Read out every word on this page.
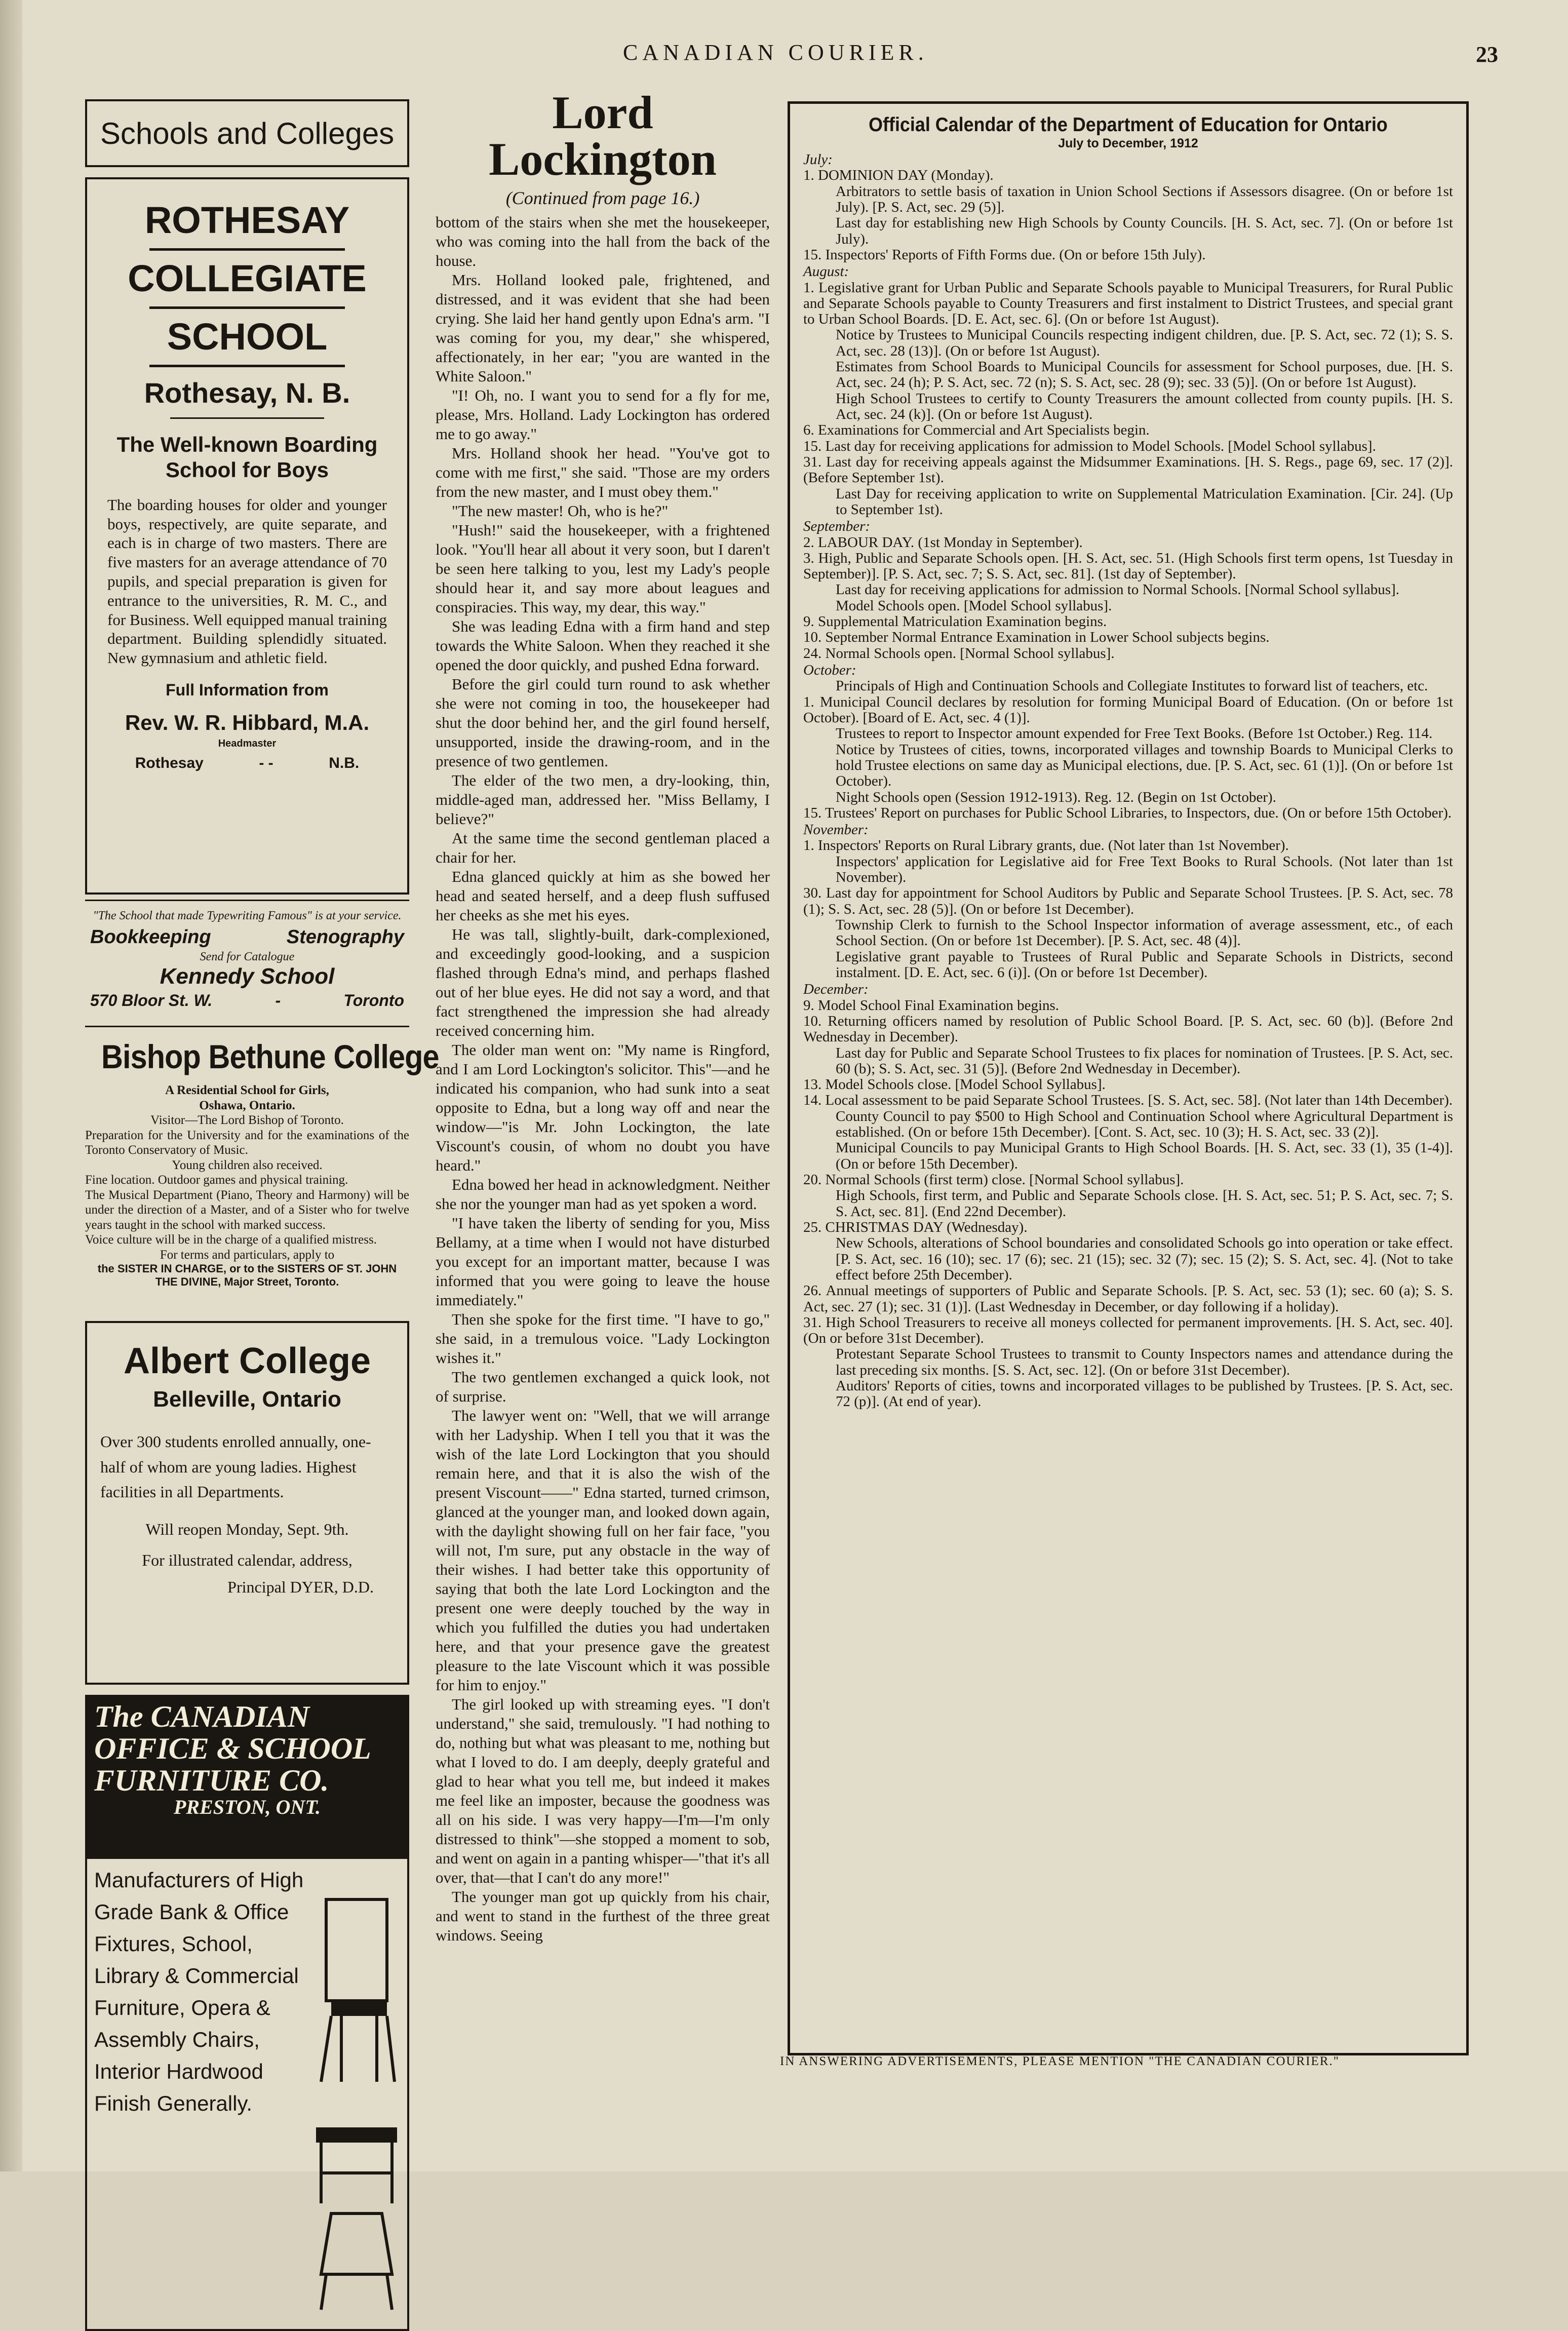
CANADIAN COURIER.	23
Schools and Colleges
ROTHESAY
COLLEGIATE
SCHOOL
Rothesay, N. B.
The Well-known Boarding School for Boys
The boarding houses for older and younger boys, respectively, are quite separate, and each is in charge of two masters. There are five masters for an average attendance of 70 pupils, and special preparation is given for entrance to the universities, R. M. C., and for Business. Well equipped manual training department. Building splendidly situated. New gymnasium and athletic field.
Full Information from
Rev. W. R. Hibbard, M.A.
Headmaster
Rothesay	- -	N.B.
"The School that made Typewriting Famous" is at your service.
Bookkeeping	Stenography
Send for Catalogue
Kennedy School
570 Bloor St. W.	-	Toronto
Bishop Bethune College
A Residential School for Girls,
Oshawa, Ontario.
Visitor—The Lord Bishop of Toronto.
Preparation for the University and for the examinations of the Toronto Conservatory of Music.
Young children also received.
Fine location. Outdoor games and physical training.
The Musical Department (Piano, Theory and Harmony) will be under the direction of a Master, and of a Sister who for twelve years taught in the school with marked success.
Voice culture will be in the charge of a qualified mistress.
For terms and particulars, apply to
the SISTER IN CHARGE, or to the SISTERS OF ST. JOHN THE DIVINE, Major Street, Toronto.
Albert College
Belleville, Ontario
Over 300 students enrolled annually, one-half of whom are young ladies. Highest facilities in all Departments.
Will reopen Monday, Sept. 9th.
For illustrated calendar, address,
Principal DYER, D.D.
The CANADIAN
OFFICE & SCHOOL
FURNITURE CO.
PRESTON, ONT.
Manufacturers of High Grade Bank & Office Fixtures, School, Library & Commercial Furniture, Opera & Assembly Chairs, Interior Hardwood Finish Generally.
Lord Lockington
(Continued from page 16.)

bottom of the stairs when she met the housekeeper, who was coming into the hall from the back of the house.

Mrs. Holland looked pale, frightened, and distressed, and it was evident that she had been crying. She laid her hand gently upon Edna's arm. "I was coming for you, my dear," she whispered, affectionately, in her ear; "you are wanted in the White Saloon."

"I! Oh, no. I want you to send for a fly for me, please, Mrs. Holland. Lady Lockington has ordered me to go away."

Mrs. Holland shook her head. "You've got to come with me first," she said. "Those are my orders from the new master, and I must obey them."

"The new master! Oh, who is he?"

"Hush!" said the housekeeper, with a frightened look. "You'll hear all about it very soon, but I daren't be seen here talking to you, lest my Lady's people should hear it, and say more about leagues and conspiracies. This way, my dear, this way."

She was leading Edna with a firm hand and step towards the White Saloon. When they reached it she opened the door quickly, and pushed Edna forward.

Before the girl could turn round to ask whether she were not coming in too, the housekeeper had shut the door behind her, and the girl found herself, unsupported, inside the drawing-room, and in the presence of two gentlemen.

The elder of the two men, a dry-looking, thin, middle-aged man, addressed her. "Miss Bellamy, I believe?"

At the same time the second gentleman placed a chair for her.

Edna glanced quickly at him as she bowed her head and seated herself, and a deep flush suffused her cheeks as she met his eyes.

He was tall, slightly-built, dark-complexioned, and exceedingly good-looking, and a suspicion flashed through Edna's mind, and perhaps flashed out of her blue eyes. He did not say a word, and that fact strengthened the impression she had already received concerning him.

The older man went on: "My name is Ringford, and I am Lord Lockington's solicitor. This"—and he indicated his companion, who had sunk into a seat opposite to Edna, but a long way off and near the window—"is Mr. John Lockington, the late Viscount's cousin, of whom no doubt you have heard."

Edna bowed her head in acknowledgment. Neither she nor the younger man had as yet spoken a word.

"I have taken the liberty of sending for you, Miss Bellamy, at a time when I would not have disturbed you except for an important matter, because I was informed that you were going to leave the house immediately."

Then she spoke for the first time. "I have to go," she said, in a tremulous voice. "Lady Lockington wishes it."

The two gentlemen exchanged a quick look, not of surprise.

The lawyer went on: "Well, that we will arrange with her Ladyship. When I tell you that it was the wish of the late Lord Lockington that you should remain here, and that it is also the wish of the present Viscount——" Edna started, turned crimson, glanced at the younger man, and looked down again, with the daylight showing full on her fair face, "you will not, I'm sure, put any obstacle in the way of their wishes. I had better take this opportunity of saying that both the late Lord Lockington and the present one were deeply touched by the way in which you fulfilled the duties you had undertaken here, and that your presence gave the greatest pleasure to the late Viscount which it was possible for him to enjoy."

The girl looked up with streaming eyes. "I don't understand," she said, tremulously. "I had nothing to do, nothing but what was pleasant to me, nothing but what I loved to do. I am deeply, deeply grateful and glad to hear what you tell me, but indeed it makes me feel like an imposter, because the goodness was all on his side. I was very happy—I'm—I'm only distressed to think"—she stopped a moment to sob, and went on again in a panting whisper—"that it's all over, that—that I can't do any more!"

The younger man got up quickly from his chair, and went to stand in the furthest of the three great windows. Seeing

Official Calendar of the Department of Education for Ontario
July to December, 1912
July:
1. DOMINION DAY (Monday).
Arbitrators to settle basis of taxation in Union School Sections if Assessors disagree. (On or before 1st July). [P. S. Act, sec. 29 (5)].
Last day for establishing new High Schools by County Councils. [H. S. Act, sec. 7]. (On or before 1st July).
15. Inspectors' Reports of Fifth Forms due. (On or before 15th July).
August:
1. Legislative grant for Urban Public and Separate Schools payable to Municipal Treasurers, for Rural Public and Separate Schools payable to County Treasurers and first instalment to District Trustees, and special grant to Urban School Boards. [D. E. Act, sec. 6]. (On or before 1st August).
Notice by Trustees to Municipal Councils respecting indigent children, due. [P. S. Act, sec. 72 (1); S. S. Act, sec. 28 (13)]. (On or before 1st August).
Estimates from School Boards to Municipal Councils for assessment for School purposes, due. [H. S. Act, sec. 24 (h); P. S. Act, sec. 72 (n); S. S. Act, sec. 28 (9); sec. 33 (5)]. (On or before 1st August).
High School Trustees to certify to County Treasurers the amount collected from county pupils. [H. S. Act, sec. 24 (k)]. (On or before 1st August).
6. Examinations for Commercial and Art Specialists begin.
15. Last day for receiving applications for admission to Model Schools. [Model School syllabus].
31. Last day for receiving appeals against the Midsummer Examinations. [H. S. Regs., page 69, sec. 17 (2)]. (Before September 1st).
Last Day for receiving application to write on Supplemental Matriculation Examination. [Cir. 24]. (Up to September 1st).
September:
2. LABOUR DAY. (1st Monday in September).
3. High, Public and Separate Schools open. [H. S. Act, sec. 51. (High Schools first term opens, 1st Tuesday in September)]. [P. S. Act, sec. 7; S. S. Act, sec. 81]. (1st day of September).
Last day for receiving applications for admission to Normal Schools. [Normal School syllabus].
Model Schools open. [Model School syllabus].
9. Supplemental Matriculation Examination begins.
10. September Normal Entrance Examination in Lower School subjects begins.
24. Normal Schools open. [Normal School syllabus].
October:
Principals of High and Continuation Schools and Collegiate Institutes to forward list of teachers, etc.
1. Municipal Council declares by resolution for forming Municipal Board of Education. (On or before 1st October). [Board of E. Act, sec. 4 (1)].
Trustees to report to Inspector amount expended for Free Text Books. (Before 1st October.) Reg. 114.
Notice by Trustees of cities, towns, incorporated villages and township Boards to Municipal Clerks to hold Trustee elections on same day as Municipal elections, due. [P. S. Act, sec. 61 (1)]. (On or before 1st October).
Night Schools open (Session 1912-1913). Reg. 12. (Begin on 1st October).
15. Trustees' Report on purchases for Public School Libraries, to Inspectors, due. (On or before 15th October).
November:
1. Inspectors' Reports on Rural Library grants, due. (Not later than 1st November).
Inspectors' application for Legislative aid for Free Text Books to Rural Schools. (Not later than 1st November).
30. Last day for appointment for School Auditors by Public and Separate School Trustees. [P. S. Act, sec. 78 (1); S. S. Act, sec. 28 (5)]. (On or before 1st December).
Township Clerk to furnish to the School Inspector information of average assessment, etc., of each School Section. (On or before 1st December). [P. S. Act, sec. 48 (4)].
Legislative grant payable to Trustees of Rural Public and Separate Schools in Districts, second instalment. [D. E. Act, sec. 6 (i)]. (On or before 1st December).
December:
9. Model School Final Examination begins.
10. Returning officers named by resolution of Public School Board. [P. S. Act, sec. 60 (b)]. (Before 2nd Wednesday in December).
Last day for Public and Separate School Trustees to fix places for nomination of Trustees. [P. S. Act, sec. 60 (b); S. S. Act, sec. 31 (5)]. (Before 2nd Wednesday in December).
13. Model Schools close. [Model School Syllabus].
14. Local assessment to be paid Separate School Trustees. [S. S. Act, sec. 58]. (Not later than 14th December).
County Council to pay $500 to High School and Continuation School where Agricultural Department is established. (On or before 15th December). [Cont. S. Act, sec. 10 (3); H. S. Act, sec. 33 (2)].
Municipal Councils to pay Municipal Grants to High School Boards. [H. S. Act, sec. 33 (1), 35 (1-4)]. (On or before 15th December).
20. Normal Schools (first term) close. [Normal School syllabus].
High Schools, first term, and Public and Separate Schools close. [H. S. Act, sec. 51; P. S. Act, sec. 7; S. S. Act, sec. 81]. (End 22nd December).
25. CHRISTMAS DAY (Wednesday).
New Schools, alterations of School boundaries and consolidated Schools go into operation or take effect. [P. S. Act, sec. 16 (10); sec. 17 (6); sec. 21 (15); sec. 32 (7); sec. 15 (2); S. S. Act, sec. 4]. (Not to take effect before 25th December).
26. Annual meetings of supporters of Public and Separate Schools. [P. S. Act, sec. 53 (1); sec. 60 (a); S. S. Act, sec. 27 (1); sec. 31 (1)]. (Last Wednesday in December, or day following if a holiday).
31. High School Treasurers to receive all moneys collected for permanent improvements. [H. S. Act, sec. 40]. (On or before 31st December).
Protestant Separate School Trustees to transmit to County Inspectors names and attendance during the last preceding six months. [S. S. Act, sec. 12]. (On or before 31st December).
Auditors' Reports of cities, towns and incorporated villages to be published by Trustees. [P. S. Act, sec. 72 (p)]. (At end of year).
IN ANSWERING ADVERTISEMENTS, PLEASE MENTION "THE CANADIAN COURIER."
